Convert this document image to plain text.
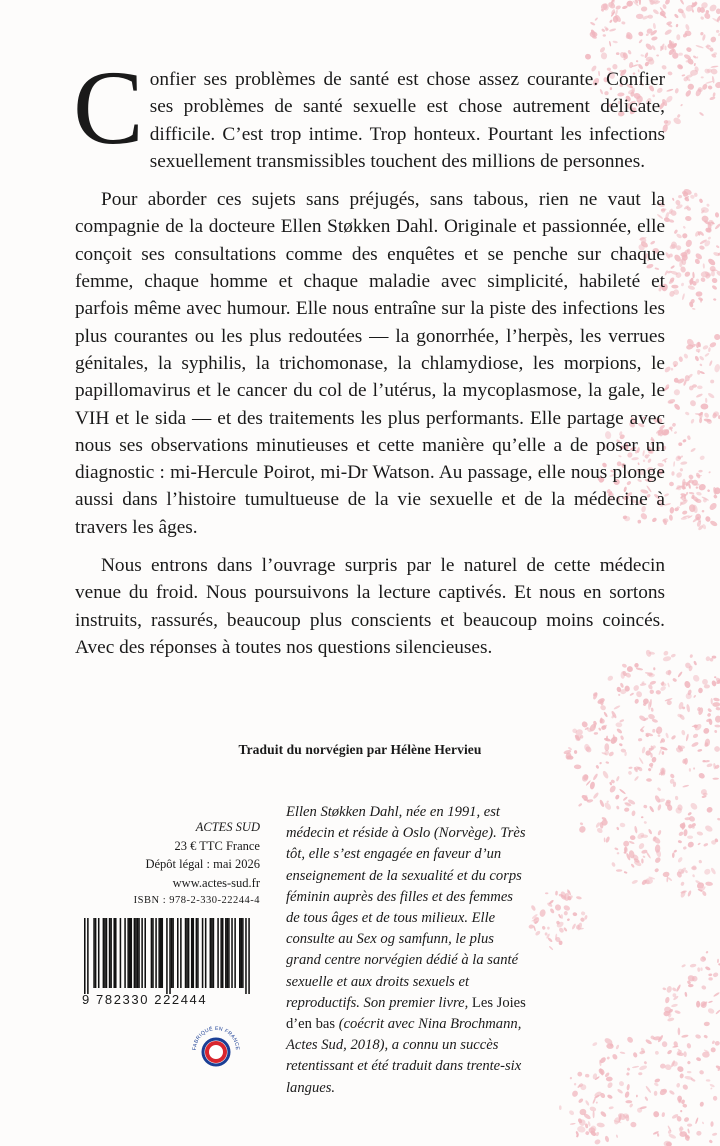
Confier ses problèmes de santé est chose assez courante. Confier ses problèmes de santé sexuelle est chose autrement délicate, difficile. C’est trop intime. Trop honteux. Pourtant les infections sexuellement transmissibles touchent des millions de personnes.

Pour aborder ces sujets sans préjugés, sans tabous, rien ne vaut la compagnie de la docteure Ellen Støkken Dahl. Originale et passionnée, elle conçoit ses consultations comme des enquêtes et se penche sur chaque femme, chaque homme et chaque maladie avec simplicité, habileté et parfois même avec humour. Elle nous entraîne sur la piste des infections les plus courantes ou les plus redoutées — la gonorrhée, l’herpès, les verrues génitales, la syphilis, la trichomonase, la chlamydiose, les morpions, le papillomavirus et le cancer du col de l’utérus, la mycoplasmose, la gale, le VIH et le sida — et des traitements les plus performants. Elle partage avec nous ses observations minutieuses et cette manière qu’elle a de poser un diagnostic : mi-Hercule Poirot, mi-Dr Watson. Au passage, elle nous plonge aussi dans l’histoire tumultueuse de la vie sexuelle et de la médecine à travers les âges.

Nous entrons dans l’ouvrage surpris par le naturel de cette médecin venue du froid. Nous poursuivons la lecture captivés. Et nous en sortons instruits, rassurés, beaucoup plus conscients et beaucoup moins coincés. Avec des réponses à toutes nos questions silencieuses.

Traduit du norvégien par Hélène Hervieu
ACTES SUD
23 € TTC France
Dépôt légal : mai 2026
www.actes-sud.fr
ISBN : 978-2-330-22244-4
9 782330 222444
FABRIQUÉ EN FRANCE
Ellen Støkken Dahl, née en 1991, est médecin et réside à Oslo (Norvège). Très tôt, elle s’est engagée en faveur d’un enseignement de la sexualité et du corps féminin auprès des filles et des femmes de tous âges et de tous milieux. Elle consulte au Sex og samfunn, le plus grand centre norvégien dédié à la santé sexuelle et aux droits sexuels et reproductifs. Son premier livre, Les Joies d’en bas (coécrit avec Nina Brochmann, Actes Sud, 2018), a connu un succès retentissant et été traduit dans trente-six langues.
